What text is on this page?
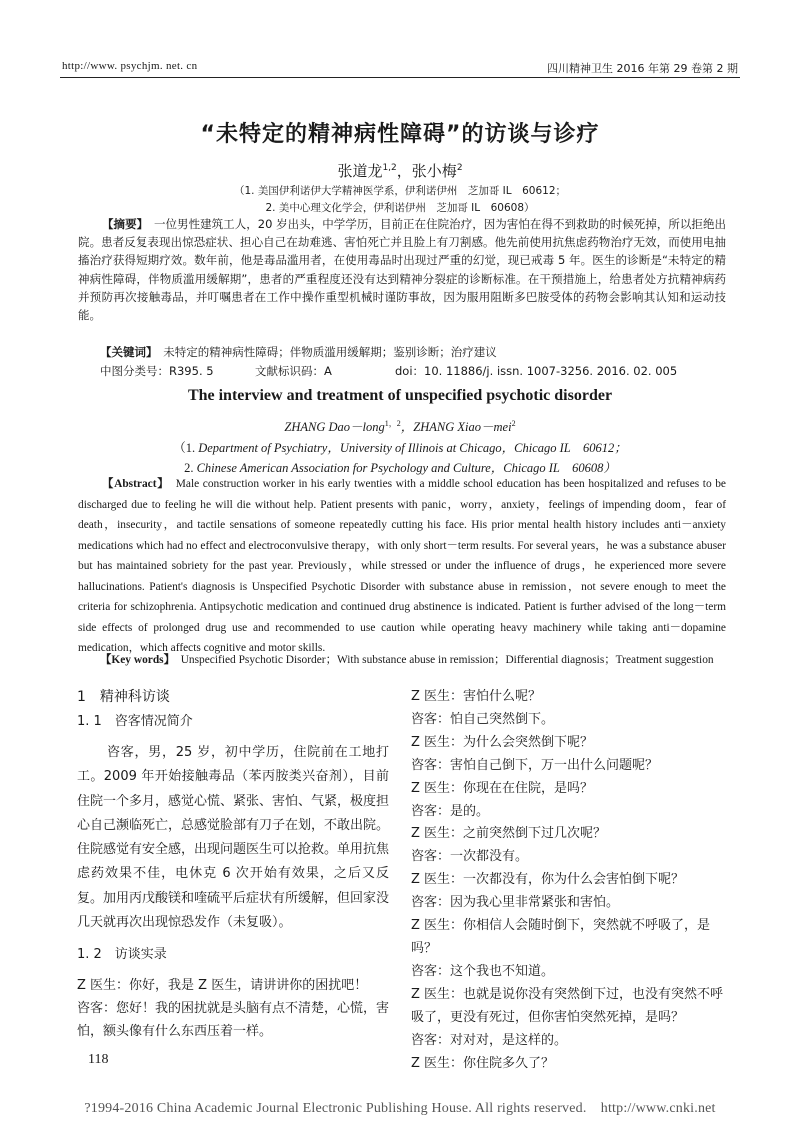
http://www. psychjm. net. cn	四川精神卫生 2016 年第 29 卷第 2 期
“未特定的精神病性障碍”的访谈与诊疗
张道龙$^{1,2}$，张小梅$^2$
（1. 美国伊利诺伊大学精神医学系，伊利诺伊州　芝加哥 IL　60612；
2. 美中心理文化学会，伊利诺伊州　芝加哥 IL　60608）
【摘要】　 一位男性建筑工人，20 岁出头，中学学历，目前正在住院治疗，因为害怕在得不到救助的时候死掉，所以拒绝出院。患者反复表现出惊恐症状、担心自己在劫难逃、害怕死亡并且脸上有刀割感。他先前使用抗焦虑药物治疗无效，而使用电抽搐治疗获得短期疗效。数年前，他是毒品滥用者，在使用毒品时出现过严重的幻觉，现已戒毒 5 年。医生的诊断是“未特定的精神病性障碍，伴物质滥用缓解期”，患者的严重程度还没有达到精神分裂症的诊断标准。在干预措施上，给患者处方抗精神病药并预防再次接触毒品，并叮嘱患者在工作中操作重型机械时谨防事故，因为服用阻断多巴胺受体的药物会影响其认知和运动技能。
【关键词】　 未特定的精神病性障碍；伴物质滥用缓解期；鉴别诊断；治疗建议
中图分类号：R395. 5	文献标识码：A	doi：10. 11886/j. issn. 1007-3256. 2016. 02. 005
The interview and treatment of unspecified psychotic disorder
ZHANG Dao－long$^{1,2}$，ZHANG Xiao－mei$^2$
（1. Department of Psychiatry，University of Illinois at Chicago，Chicago IL　60612；
2. Chinese American Association for Psychology and Culture，Chicago IL　60608）
【Abstract】　 Male construction worker in his early twenties with a middle school education has been hospitalized and refuses to be discharged due to feeling he will die without help. Patient presents with panic，worry，anxiety，feelings of impending doom，fear of death，insecurity，and tactile sensations of someone repeatedly cutting his face. His prior mental health history includes anti－anxiety medications which had no effect and electroconvulsive therapy，with only short－term results. For several years，he was a substance abuser but has maintained sobriety for the past year. Previously，while stressed or under the influence of drugs，he experienced more severe hallucinations. Patient's diagnosis is Unspecified Psychotic Disorder with substance abuse in remission，not severe enough to meet the criteria for schizophrenia. Antipsychotic medication and continued drug abstinence is indicated. Patient is further advised of the long－term side effects of prolonged drug use and recommended to use caution while operating heavy machinery while taking anti－dopamine medication，which affects cognitive and motor skills.
【Key words】　 Unspecified Psychotic Disorder；With substance abuse in remission；Differential diagnosis；Treatment suggestion
1　精神科访谈
1. 1　咨客情况简介
咨客，男，25 岁，初中学历，住院前在工地打工。2009 年开始接触毒品（苯丙胺类兴奋剂），目前住院一个多月，感觉心慌、紧张、害怕、气紧，极度担心自己濒临死亡，总感觉脸部有刀子在划，不敢出院。住院感觉有安全感，出现问题医生可以抢救。单用抗焦虑药效果不佳，电休克 6 次开始有效果，之后又反复。加用丙戊酸镁和喹硫平后症状有所缓解，但回家没几天就再次出现惊恐发作（未复吸）。
1. 2　访谈实录
Z 医生：你好，我是 Z 医生，请讲讲你的困扰吧！
咨客：您好！我的困扰就是头脑有点不清楚，心慌，害怕，额头像有什么东西压着一样。
Z 医生：害怕什么呢？
咨客：怕自己突然倒下。
Z 医生：为什么会突然倒下呢？
咨客：害怕自己倒下，万一出什么问题呢？
Z 医生：你现在在住院，是吗？
咨客：是的。
Z 医生：之前突然倒下过几次呢？
咨客：一次都没有。
Z 医生：一次都没有，你为什么会害怕倒下呢？
咨客：因为我心里非常紧张和害怕。
Z 医生：你相信人会随时倒下，突然就不呼吸了，是吗？
咨客：这个我也不知道。
Z 医生：也就是说你没有突然倒下过，也没有突然不呼吸了，更没有死过，但你害怕突然死掉，是吗？
咨客：对对对，是这样的。
Z 医生：你住院多久了？
118
?1994-2016 China Academic Journal Electronic Publishing House. All rights reserved.　http://www.cnki.net
